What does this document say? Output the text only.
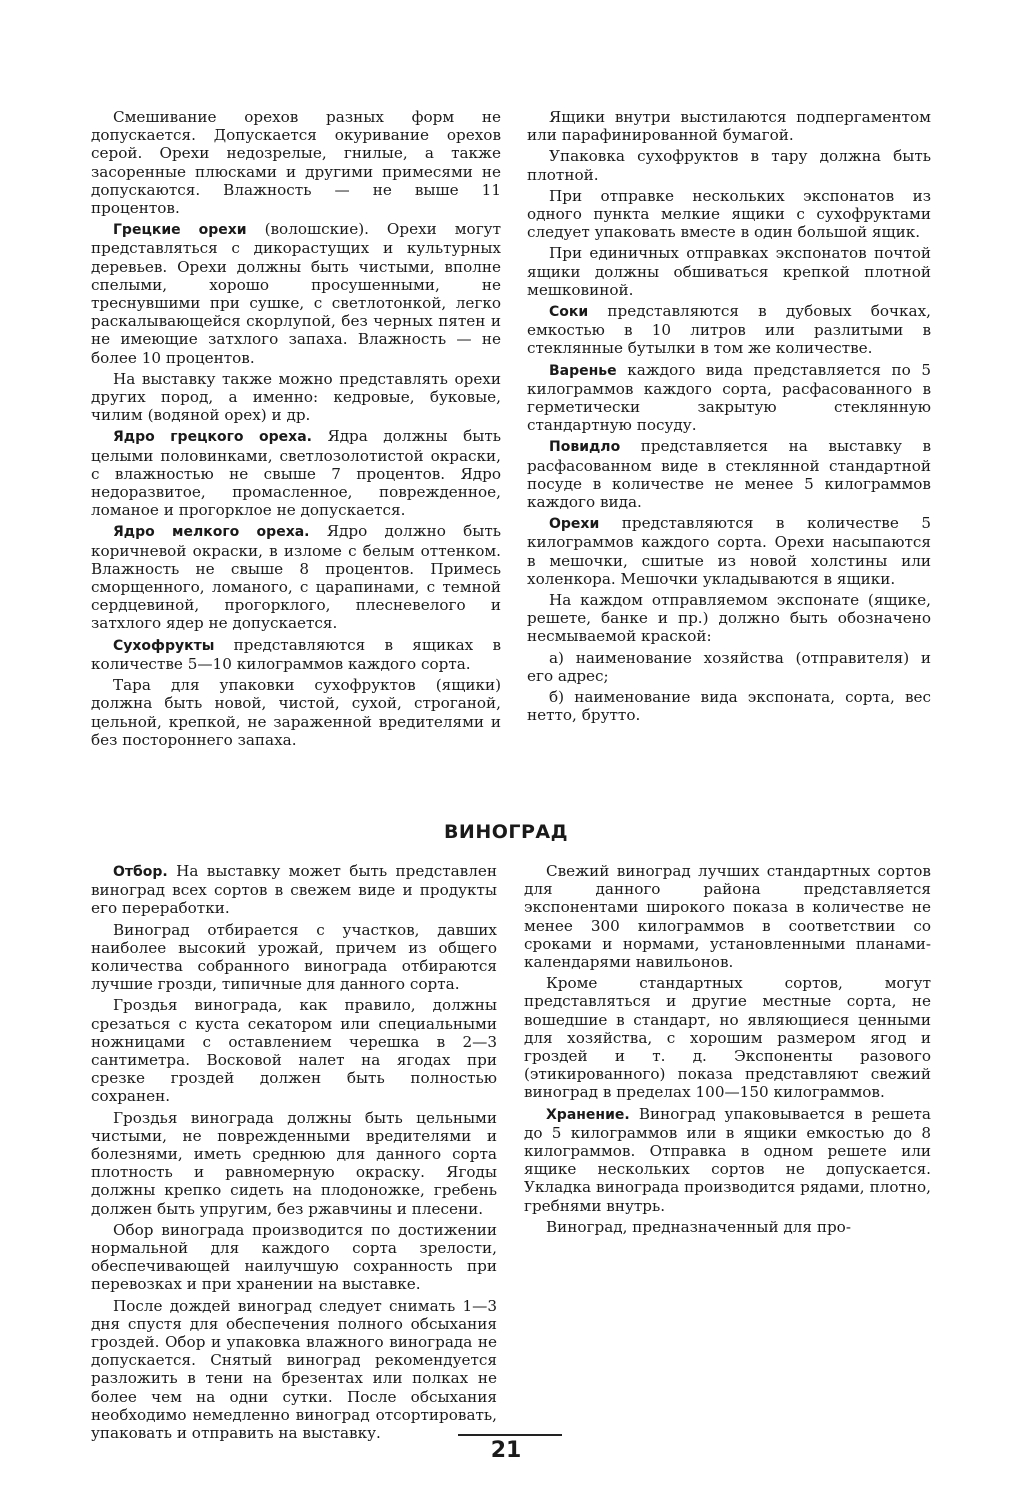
Смешивание орехов разных форм не допускается. Допускается окуривание орехов серой. Орехи недозрелые, гнилые, а также засоренные плюсками и другими примесями не допускаются. Влажность — не выше 11 процентов.

Грецкие орехи (волошские). Орехи могут представляться с дикорастущих и культурных деревьев. Орехи должны быть чистыми, вполне спелыми, хорошо просушенными, не треснувшими при сушке, с светлотонкой, легко раскалывающейся скорлупой, без черных пятен и не имеющие затхлого запаха. Влажность — не более 10 процентов.

На выставку также можно представлять орехи других пород, а именно: кедровые, буковые, чилим (водяной орех) и др.

Ядро грецкого ореха. Ядра должны быть целыми половинками, светлозолотистой окраски, с влажностью не свыше 7 процентов. Ядро недоразвитое, промасленное, поврежденное, ломаное и прогорклое не допускается.

Ядро мелкого ореха. Ядро должно быть коричневой окраски, в изломе с белым оттенком. Влажность не свыше 8 процентов. Примесь сморщенного, ломаного, с царапинами, с темной сердцевиной, прогорклого, плесневелого и затхлого ядер не допускается.

Сухофрукты представляются в ящиках в количестве 5—10 килограммов каждого сорта.

Тара для упаковки сухофруктов (ящики) должна быть новой, чистой, сухой, строганой, цельной, крепкой, не зараженной вредителями и без постороннего запаха.

Ящики внутри выстилаются подпергаментом или парафинированной бумагой.

Упаковка сухофруктов в тару должна быть плотной.

При отправке нескольких экспонатов из одного пункта мелкие ящики с сухофруктами следует упаковать вместе в один большой ящик.

При единичных отправках экспонатов почтой ящики должны обшиваться крепкой плотной мешковиной.

Соки представляются в дубовых бочках, емкостью в 10 литров или разлитыми в стеклянные бутылки в том же количестве.

Варенье каждого вида представляется по 5 килограммов каждого сорта, расфасованного в герметически закрытую стеклянную стандартную посуду.

Повидло представляется на выставку в расфасованном виде в стеклянной стандартной посуде в количестве не менее 5 килограммов каждого вида.

Орехи представляются в количестве 5 килограммов каждого сорта. Орехи насыпаются в мешочки, сшитые из новой холстины или холенкора. Мешочки укладываются в ящики.

На каждом отправляемом экспонате (ящике, решете, банке и пр.) должно быть обозначено несмываемой краской:

а) наименование хозяйства (отправителя) и его адрес;

б) наименование вида экспоната, сорта, вес нетто, брутто.

ВИНОГРАД

Отбор. На выставку может быть представлен виноград всех сортов в свежем виде и продукты его переработки.

Виноград отбирается с участков, давших наиболее высокий урожай, причем из общего количества собранного винограда отбираются лучшие грозди, типичные для данного сорта.

Гроздья винограда, как правило, должны срезаться с куста секатором или специальными ножницами с оставлением черешка в 2—3 сантиметра. Восковой налет на ягодах при срезке гроздей должен быть полностью сохранен.

Гроздья винограда должны быть цельными чистыми, не поврежденными вредителями и болезнями, иметь среднюю для данного сорта плотность и равномерную окраску. Ягоды должны крепко сидеть на плодоножке, гребень должен быть упругим, без ржавчины и плесени.

Обор винограда производится по достижении нормальной для каждого сорта зрелости, обеспечивающей наилучшую сохранность при перевозках и при хранении на выставке.

После дождей виноград следует снимать 1—3 дня спустя для обеспечения полного обсыхания гроздей. Обор и упаковка влажного винограда не допускается. Снятый виноград рекомендуется разложить в тени на брезентах или полках не более чем на одни сутки. После обсыхания необходимо немедленно виноград отсортировать, упаковать и отправить на выставку.

Свежий виноград лучших стандартных сортов для данного района представляется экспонентами широкого показа в количестве не менее 300 килограммов в соответствии со сроками и нормами, установленными планами-календарями навильонов.

Кроме стандартных сортов, могут представляться и другие местные сорта, не вошедшие в стандарт, но являющиеся ценными для хозяйства, с хорошим размером ягод и гроздей и т. д. Экспоненты разового (этикированного) показа представляют свежий виноград в пределах 100—150 килограммов.

Хранение. Виноград упаковывается в решета до 5 килограммов или в ящики емкостью до 8 килограммов. Отправка в одном решете или ящике нескольких сортов не допускается. Укладка винограда производится рядами, плотно, гребнями внутрь.

Виноград, предназначенный для про-

21
